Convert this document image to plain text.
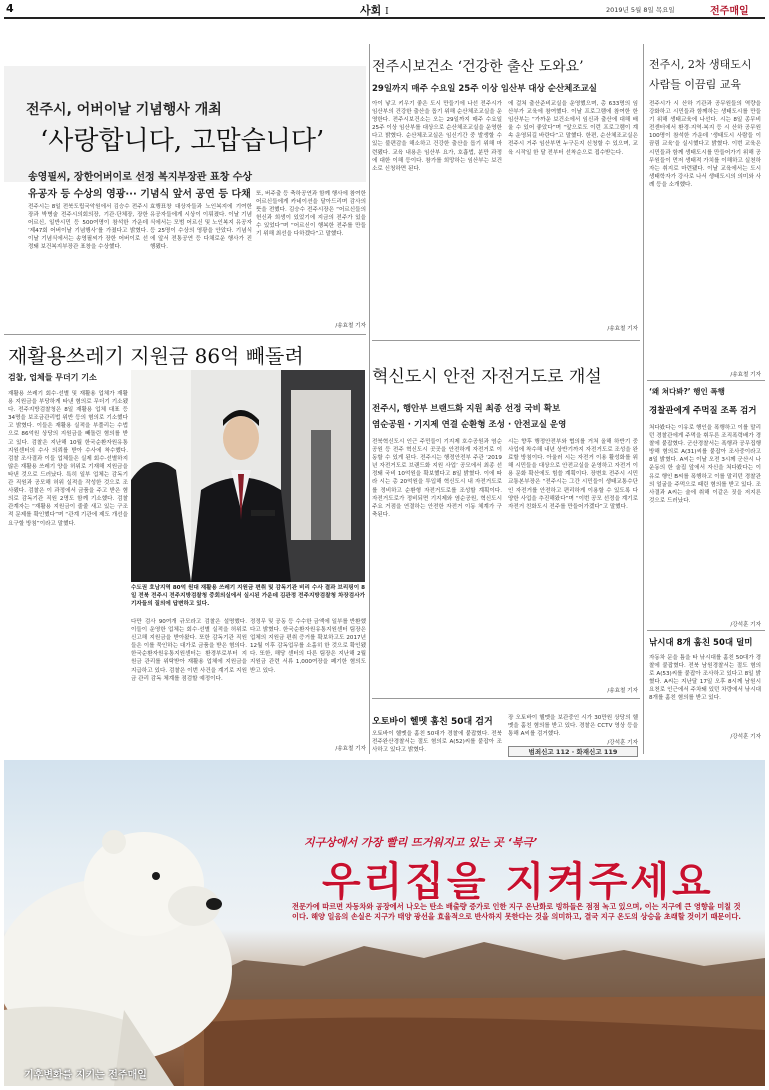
4	사회 I	2019년 5월 8일 목요일	전주매일
전주시, 어버이날 기념행사 개최
‘사랑합니다, 고맙습니다’
송영필씨, 장한어버이로 선정 복지부장관 표창 수상
유공자 등 수상의 영광··· 기념식 앞서 공연 등 다채
전주시는 8일 전북도립국악원에서 김승수 전주시장과 박병술 전주시의회의장, 기관·단체장, 장한 어르신, 일반시민 등 500여명이 참석한 가운데 ‘제47회 어버이날 기념행사’를 가졌다고 밝혔다. 이날 기념식에서는 송영필씨가 장한 어버이로 선정돼 보건복지부장관 표창을 수상했다.
효행표창 대상자들과 노인복지에 기여한 유공자들에게 시상이 이뤄졌다. 이날 기념식에서는 모범 어르신 및 노인복지 유공자 등 25명이 수상의 영광을 안았다. 기념식에 앞서 전통공연 등 다채로운 행사가 진행됐다.
또, 버주출 등 축하공연과 함께 행사에 참여한 어르신들에게 카네이션을 달아드리며 감사의 뜻을 전했다. 김승수 전주시장은 “어르신들의 헌신과 희생이 있었기에 지금의 전주가 있을 수 있었다”며 “어르신이 행복한 전주를 만들기 위해 최선을 다하겠다”고 말했다.
/송효철 기자
전주시보건소 ‘건강한 출산 도와요’
29일까지 매주 수요일 25주 이상 임산부 대상 순산체조교실
아이 낳고 키우기 좋은 도시 만들기에 나선 전주시가 임산부의 건강한 출산을 돕기 위해 순산체조교실을 운영한다. 전주시보건소는 오는 29일까지 매주 수요일 25주 이상 임산부를 대상으로 순산체조교실을 운영한다고 밝혔다. 순산체조교실은 임신기간 중 발생할 수 있는 불편감을 해소하고 건강한 출산을 돕기 위해 마련됐다. 교육 내용은 임산부 요가, 호흡법, 분만 과정에 대한 이해 등이다. 참가를 희망하는 임산부는 보건소로 신청하면 된다.
에 걸쳐 출산준비교실을 운영했으며, 총 633명의 임산부가 교육에 참여했다. 이날 프로그램에 참여한 한 임산부는 “가까운 보건소에서 임신과 출산에 대해 배울 수 있어 좋았다”며 “앞으로도 이런 프로그램이 계속 운영되길 바란다”고 말했다. 한편, 순산체조교실은 전주시 거주 임산부면 누구든지 신청할 수 있으며, 교육 시작일 한 달 전부터 선착순으로 접수받는다.
/송효철 기자
전주시, 2차 생태도시
사람들 이끔림 교육
전주시가 시 산하 기관과 공무원들의 역량을 강화하고 시민들과 함께하는 생태도시를 만들기 위해 생태교육에 나선다. 시는 8일 종무비전센터에서 환경·지역·복지 등 시 산하 공무원 100명이 참석한 가운데 ‘생태도시 사람들 이끔림 교육’을 실시했다고 밝혔다. 이번 교육은 시민들과 함께 생태도시를 만들어가기 위해 공무원들이 먼저 생태적 가치를 이해하고 실천하자는 취지로 마련됐다. 이날 교육에서는 도시생태학자가 강사로 나서 생태도시의 의미와 사례 등을 소개했다.
/송효철 기자
‘왜 쳐다봐?’ 행인 폭행
경찰관에게 주먹질 조폭 검거
쳐다봤다는 이유로 행인을 폭행하고 이를 말리던 경찰관에게 주먹을 휘두른 조직폭력배가 경찰에 붙잡혔다. 군산경찰서는 폭행과 공무집행방해 혐의로 A(31)씨를 붙잡아 조사중이라고 8일 밝혔다. A씨는 이날 오전 3시께 군산시 나운동의 한 술집 앞에서 자신을 쳐다봤다는 이유로 행인 B씨를 폭행하고 이를 말리던 경찰관의 얼굴을 주먹으로 때린 혐의를 받고 있다. 조사결과 A씨는 술에 취해 이같은 짓을 저지른 것으로 드러났다.
/강석훈 기자
낚시대 8개 훔친 50대 덜미
자동차 문을 틈을 타 낚시대를 훔친 50대가 경찰에 붙잡혔다. 전북 남원경찰서는 절도 혐의로 A(53)씨를 붙잡아 조사하고 있다고 8일 밝혔다. A씨는 지난달 17일 오후 8시께 남원시 요천로 인근에서 주차돼 있던 차량에서 낚시대 8개를 훔친 혐의를 받고 있다.
/강석훈 기자
재활용쓰레기 지원금 86억 빼돌려
검찰, 업체들 무더기 기소
재활용 쓰레기 회수·선별 및 재활용 업체가 재활용 지원금을 부당하게 타낸 혐의로 무더기 기소됐다. 전주지방검찰청은 8일 재활용 업체 대표 등 34명을 보조금관리법 위반 등의 혐의로 기소했다고 밝혔다. 이들은 재활용 실적을 부풀리는 수법으로 86억원 상당의 지원금을 빼돌린 혐의를 받고 있다. 검찰은 지난해 10월 한국순환자원유통지원센터의 수사 의뢰를 받아 수사에 착수했다. 검찰 조사결과 이들 업체들은 실제 회수·선별하지 않은 재활용 쓰레기 양을 허위로 기재해 지원금을 타낸 것으로 드러났다. 특히 일부 업체는 감독기관 직원과 공모해 허위 실적을 작성한 것으로 조사됐다. 검찰은 이 과정에서 금품을 주고 받은 혐의로 감독기관 직원 2명도 함께 기소했다. 검찰 관계자는 “재활용 지원금이 줄줄 새고 있는 구조적 문제를 확인했다”며 “관계 기관에 제도 개선을 요구할 방침”이라고 말했다.
수도권 호남지역 80억 원대 재활용 쓰레기 지원금 편취 및 감독기관 비리 수사 결과 브리핑이 8일 전북 전주시 전주지방검찰청 중회의실에서 실시된 가운데 김관정 전주지방검찰청 차장검사가 기자들의 질의에 답변하고 있다.
다만 검사 90여개 규모라고 검찰은 설명했다. 이들이 운영한 업체는 회수·선별 실적을 허위로 신고해 지원금을 받아왔다. 또한 감독기관 직원들은 이를 묵인하는 대가로 금품을 받은 혐의다. 한국순환자원유통지원센터는 환경부로부터 지원금 관리를 위탁받아 재활용 업체에 지원금을 지급하고 있다. 검찰은 이번 사건을 계기로 지원금 관리 감독 체계를 점검할 예정이다.
정정무 및 공동 등 수수한 금액에 일부를 반환했다고 밝혔다. 한국순환자원유통지원센터 팀장은 업체의 지원금 편취 증거를 확보하고도 2017년 12월 이후 감독업무를 소홀히 한 것으로 확인됐다. 또한, 해당 센터의 다른 팀장은 지난해 2월 지원금 관련 서류 1,000여장을 폐기한 혐의도 받고 있다.
/송효철 기자
혁신도시 안전 자전거도로 개설
전주시, 행안부 브랜드화 지원 최종 선정 국비 확보
염순공원 · 기지제 연결 순환형 조성 · 안전교실 운영
전북혁신도시 인근 주민들이 기지제 호수공원과 염순공원 등 전주 혁신도시 곳곳을 안전하게 자전거로 이동할 수 있게 된다. 전주시는 행정안전부 주관 ‘2019년 자전거도로 브랜드화 지원 사업’ 공모에서 최종 선정돼 국비 10억원을 확보했다고 8일 밝혔다. 이에 따라 시는 총 20억원을 투입해 혁신도시 내 자전거도로를 정비하고 순환형 자전거도로를 조성할 계획이다. 자전거도로가 정비되면 기지제와 염순공원, 혁신도시 주요 거점을 연결하는 안전한 자전거 이동 체계가 구축된다.
시는 향후 행정안전부와 협의를 거쳐 올해 하반기 중 사업에 착수해 내년 상반기까지 자전거도로 조성을 완료할 방침이다. 아울러 시는 자전거 이용 활성화를 위해 시민들을 대상으로 안전교실을 운영하고 자전거 이용 문화 확산에도 힘쓸 계획이다. 장변호 전주시 시민교통본부장은 “전주시는 그간 시민들이 생태교통수단인 자전거를 안전하고 편리하게 이용할 수 있도록 다양한 사업을 추진해왔다”며 “이번 공모 선정을 계기로 자전거 친화도시 전주를 만들어가겠다”고 말했다.
/송효철 기자
오토바이 헬멧 훔친 50대 검거
오토바이 헬멧을 훔친 50대가 경찰에 붙잡혔다. 전북 전주완산경찰서는 절도 혐의로 A(52)씨를 붙잡아 조사하고 있다고 밝혔다.
장 오토바이 헬멧을 보관중인 시가 30만원 상당의 헬멧을 훔친 혐의를 받고 있다. 경찰은 CCTV 영상 등을 통해 A씨를 검거했다.
/강석훈 기자
범죄신고 112 · 화재신고 119
지구상에서 가장 빨리 뜨거워지고 있는 곳 ‘북극’
우리집을 지켜주세요
전문가에 따르면 자동차와 공장에서 나오는 탄소 배출량 증가로 인한 지구 온난화로 빙하들은 점점 녹고 있으며, 이는 지구에 큰 영향을 미칠 것이다. 해양 일음의 손실은 지구가 태양 광선을 효율적으로 반사하지 못한다는 것을 의미하고, 결국 지구 온도의 상승을 초래할 것이기 때문이다.
기후변화를 지키는 전주매일
